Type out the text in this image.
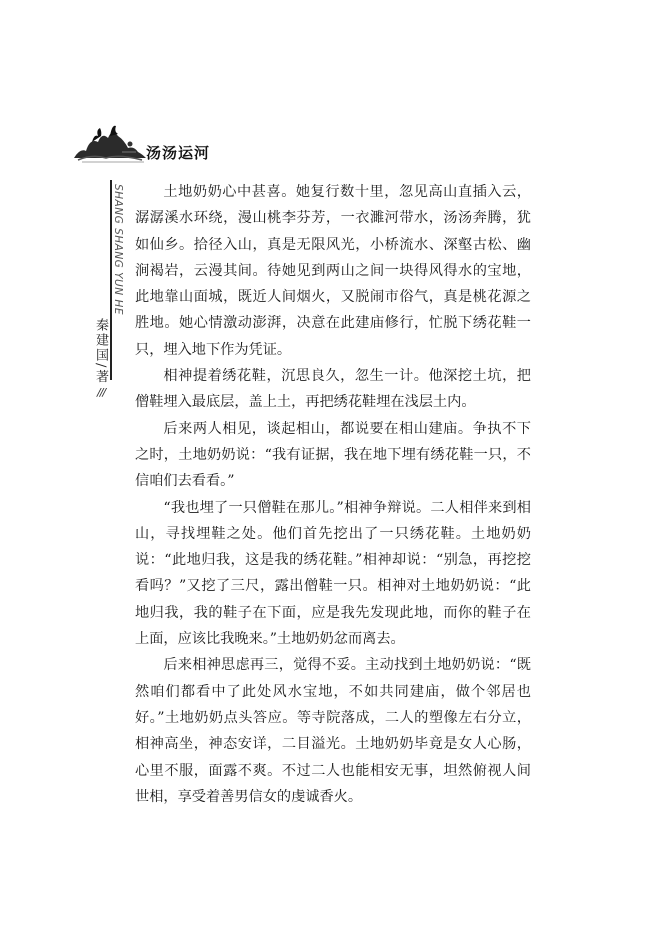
汤汤运河
SHANG SHANG YUN HE
秦建国/著
///

土地奶奶心中甚喜。她复行数十里，忽见高山直插入云，潺潺溪水环绕，漫山桃李芬芳，一衣濉河带水，汤汤奔腾，犹如仙乡。拾径入山，真是无限风光，小桥流水、深壑古松、幽涧褐岩，云漫其间。待她见到两山之间一块得风得水的宝地，此地靠山面城，既近人间烟火，又脱闹市俗气，真是桃花源之胜地。她心情激动澎湃，决意在此建庙修行，忙脱下绣花鞋一只，埋入地下作为凭证。

相神提着绣花鞋，沉思良久，忽生一计。他深挖土坑，把僧鞋埋入最底层，盖上土，再把绣花鞋埋在浅层土内。

后来两人相见，谈起相山，都说要在相山建庙。争执不下之时，土地奶奶说：“我有证据，我在地下埋有绣花鞋一只，不信咱们去看看。”

“我也埋了一只僧鞋在那儿。”相神争辩说。二人相伴来到相山，寻找埋鞋之处。他们首先挖出了一只绣花鞋。土地奶奶说：“此地归我，这是我的绣花鞋。”相神却说：“别急，再挖挖看吗？”又挖了三尺，露出僧鞋一只。相神对土地奶奶说：“此地归我，我的鞋子在下面，应是我先发现此地，而你的鞋子在上面，应该比我晚来。”土地奶奶忿而离去。

后来相神思虑再三，觉得不妥。主动找到土地奶奶说：“既然咱们都看中了此处风水宝地，不如共同建庙，做个邻居也好。”土地奶奶点头答应。等寺院落成，二人的塑像左右分立，相神高坐，神态安详，二目溢光。土地奶奶毕竟是女人心肠，心里不服，面露不爽。不过二人也能相安无事，坦然俯视人间世相，享受着善男信女的虔诚香火。
